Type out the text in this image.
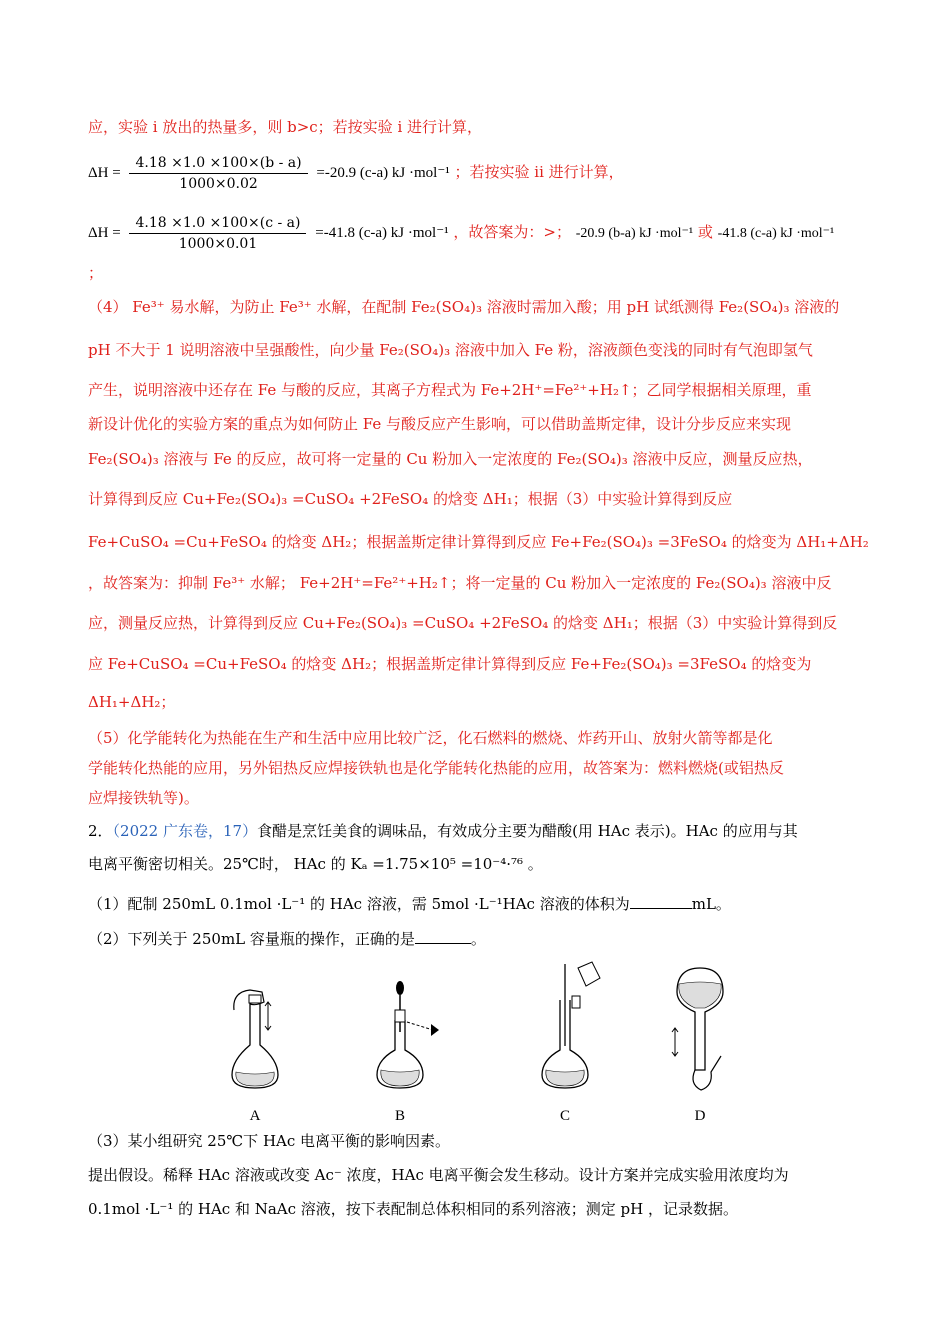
应，实验 i 放出的热量多，则 b>c；若按实验 i 进行计算，
$\Delta H = \frac{4.18 \times 1.0 \times 100\times(b - a)}{1000\times 0.02} =-20.9$ (c-a) kJ ·mol⁻¹ ；若按实验 ii 进行计算，
$\Delta H = \frac{4.18 \times 1.0 \times 100\times(c - a)}{1000\times 0.01} =-41.8$ (c-a) kJ ·mol⁻¹ ，故答案为：>； -20.9 (b-a) kJ ·mol⁻¹ 或 -41.8 (c-a) kJ ·mol⁻¹
；
（4） Fe³⁺ 易水解，为防止 Fe³⁺ 水解，在配制 Fe₂(SO₄)₃ 溶液时需加入酸；用 pH 试纸测得 Fe₂(SO₄)₃ 溶液的
pH 不大于 1 说明溶液中呈强酸性，向少量 Fe₂(SO₄)₃ 溶液中加入 Fe 粉，溶液颜色变浅的同时有气泡即氢气
产生，说明溶液中还存在 Fe 与酸的反应，其离子方程式为 Fe+2H⁺=Fe²⁺+H₂↑；乙同学根据相关原理，重
新设计优化的实验方案的重点为如何防止 Fe 与酸反应产生影响，可以借助盖斯定律，设计分步反应来实现
Fe₂(SO₄)₃ 溶液与 Fe 的反应，故可将一定量的 Cu 粉加入一定浓度的 Fe₂(SO₄)₃ 溶液中反应，测量反应热，
计算得到反应 Cu+Fe₂(SO₄)₃ =CuSO₄ +2FeSO₄ 的焓变 ΔH₁；根据（3）中实验计算得到反应
Fe+CuSO₄ =Cu+FeSO₄ 的焓变 ΔH₂；根据盖斯定律计算得到反应 Fe+Fe₂(SO₄)₃ =3FeSO₄ 的焓变为 ΔH₁+ΔH₂
，故答案为：抑制 Fe³⁺ 水解； Fe+2H⁺=Fe²⁺+H₂↑；将一定量的 Cu 粉加入一定浓度的 Fe₂(SO₄)₃ 溶液中反
应，测量反应热，计算得到反应 Cu+Fe₂(SO₄)₃ =CuSO₄ +2FeSO₄ 的焓变 ΔH₁；根据（3）中实验计算得到反
应 Fe+CuSO₄ =Cu+FeSO₄ 的焓变 ΔH₂；根据盖斯定律计算得到反应 Fe+Fe₂(SO₄)₃ =3FeSO₄ 的焓变为
ΔH₁+ΔH₂；
（5）化学能转化为热能在生产和生活中应用比较广泛，化石燃料的燃烧、炸药开山、放射火箭等都是化
学能转化热能的应用，另外铝热反应焊接铁轨也是化学能转化热能的应用，故答案为：燃料燃烧(或铝热反
应焊接铁轨等)。
2．（2022 广东卷，17）食醋是烹饪美食的调味品，有效成分主要为醋酸(用 HAc 表示)。HAc 的应用与其
电离平衡密切相关。25℃时， HAc 的 Kₐ =1.75×10⁵ =10⁻⁴·⁷⁶ 。
（1）配制 250mL 0.1mol ·L⁻¹ 的 HAc 溶液，需 5mol ·L⁻¹HAc 溶液的体积为	mL。
（2）下列关于 250mL 容量瓶的操作，正确的是	。
A	B	C	D
（3）某小组研究 25℃下 HAc 电离平衡的影响因素。
提出假设。稀释 HAc 溶液或改变 Ac⁻ 浓度，HAc 电离平衡会发生移动。设计方案并完成实验用浓度均为
0.1mol ·L⁻¹ 的 HAc 和 NaAc 溶液，按下表配制总体积相同的系列溶液；测定 pH ，记录数据。
